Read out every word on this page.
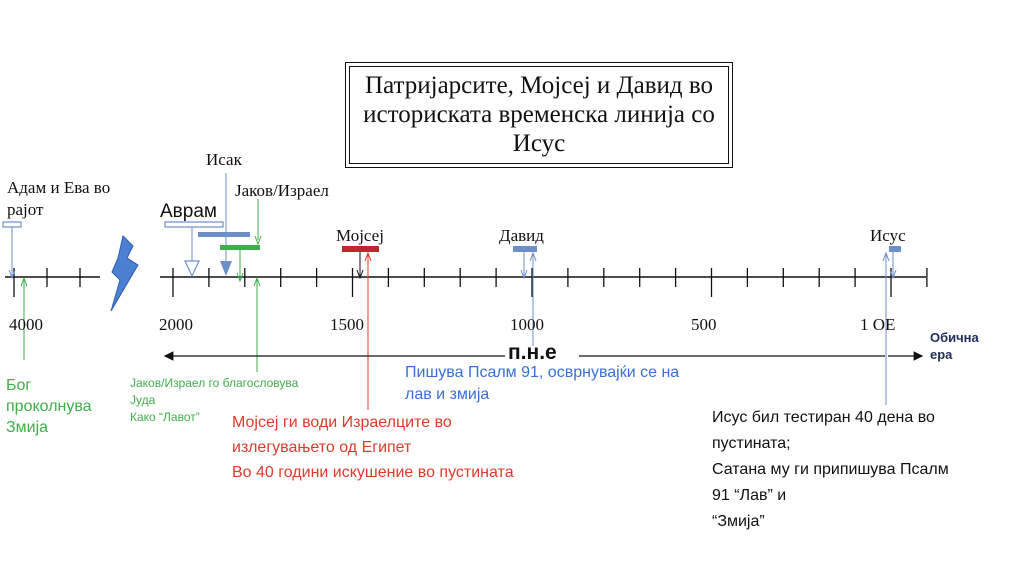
Патријарсите, Мојсеј и Давид во историската временска линија со Исус
Адам и Ева во рајот
Исак
Јаков/Израел
Аврам
Мојсеј	Давид	Исус
4000	2000	1500	1000	500	1 ОЕ
п.н.е
Обична ера
Бог
проколнува
Змија
Јаков/Израел го благословува
Јуда
Како “Лавот”	Мојсеј ги води Израелците во
излегувањето од Египет
Во 40 години искушение во пустината
Пишува Псалм 91, осврнувајќи се на
лав и змија
Исус бил тестиран 40 дена во
пустината;
Сатана му ги припишува Псалм
91 “Лав” и
“Змија”
